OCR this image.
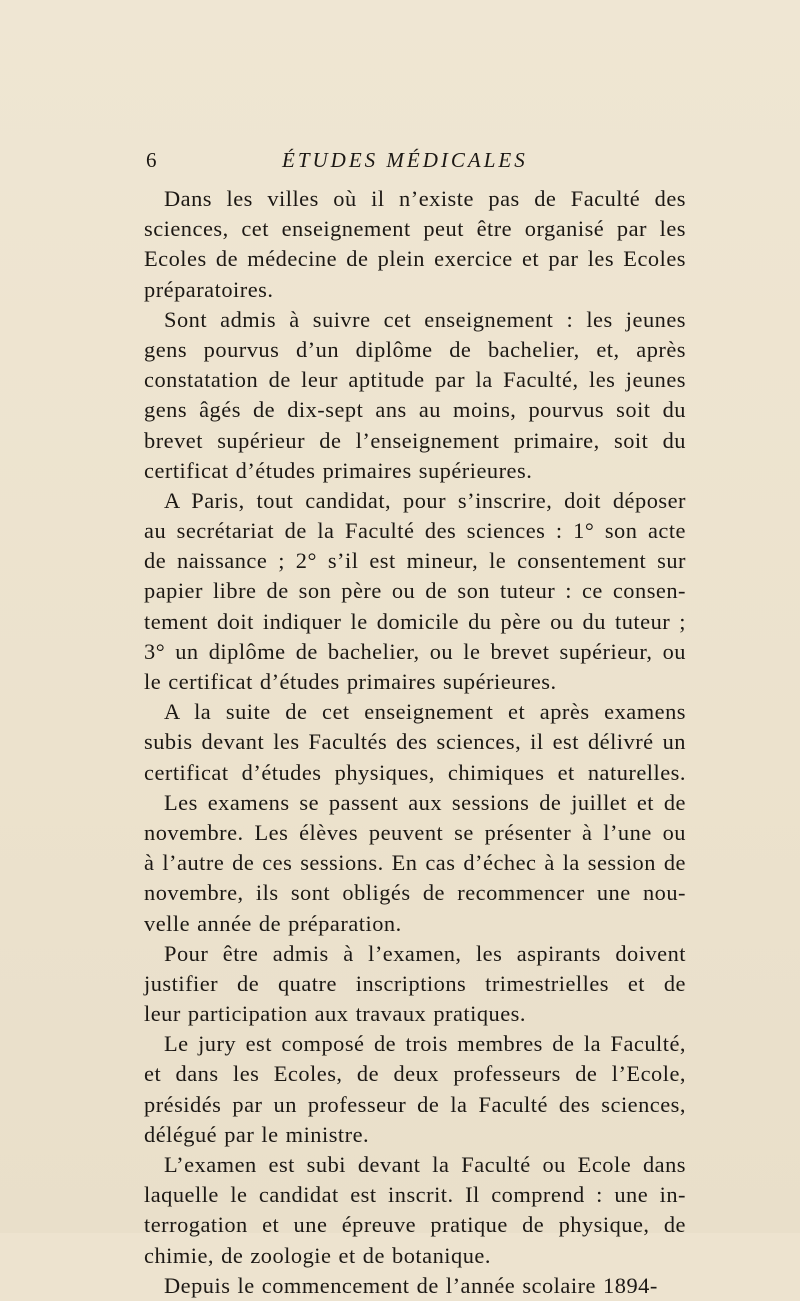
6	ÉTUDES MÉDICALES
Dans les villes où il n’existe pas de Faculté des
sciences, cet enseignement peut être organisé par les
Ecoles de médecine de plein exercice et par les Ecoles
préparatoires.
Sont admis à suivre cet enseignement : les jeunes
gens pourvus d’un diplôme de bachelier, et, après
constatation de leur aptitude par la Faculté, les jeunes
gens âgés de dix-sept ans au moins, pourvus soit du
brevet supérieur de l’enseignement primaire, soit du
certificat d’études primaires supérieures.
A Paris, tout candidat, pour s’inscrire, doit déposer
au secrétariat de la Faculté des sciences : 1° son acte
de naissance ; 2° s’il est mineur, le consentement sur
papier libre de son père ou de son tuteur : ce consen-
tement doit indiquer le domicile du père ou du tuteur ;
3° un diplôme de bachelier, ou le brevet supérieur, ou
le certificat d’études primaires supérieures.
A la suite de cet enseignement et après examens
subis devant les Facultés des sciences, il est délivré un
certificat d’études physiques, chimiques et naturelles.
Les examens se passent aux sessions de juillet et de
novembre. Les élèves peuvent se présenter à l’une ou
à l’autre de ces sessions. En cas d’échec à la session de
novembre, ils sont obligés de recommencer une nou-
velle année de préparation.
Pour être admis à l’examen, les aspirants doivent
justifier de quatre inscriptions trimestrielles et de
leur participation aux travaux pratiques.
Le jury est composé de trois membres de la Faculté,
et dans les Ecoles, de deux professeurs de l’Ecole,
présidés par un professeur de la Faculté des sciences,
délégué par le ministre.
L’examen est subi devant la Faculté ou Ecole dans
laquelle le candidat est inscrit. Il comprend : une in-
terrogation et une épreuve pratique de physique, de
chimie, de zoologie et de botanique.
Depuis le commencement de l’année scolaire 1894-
